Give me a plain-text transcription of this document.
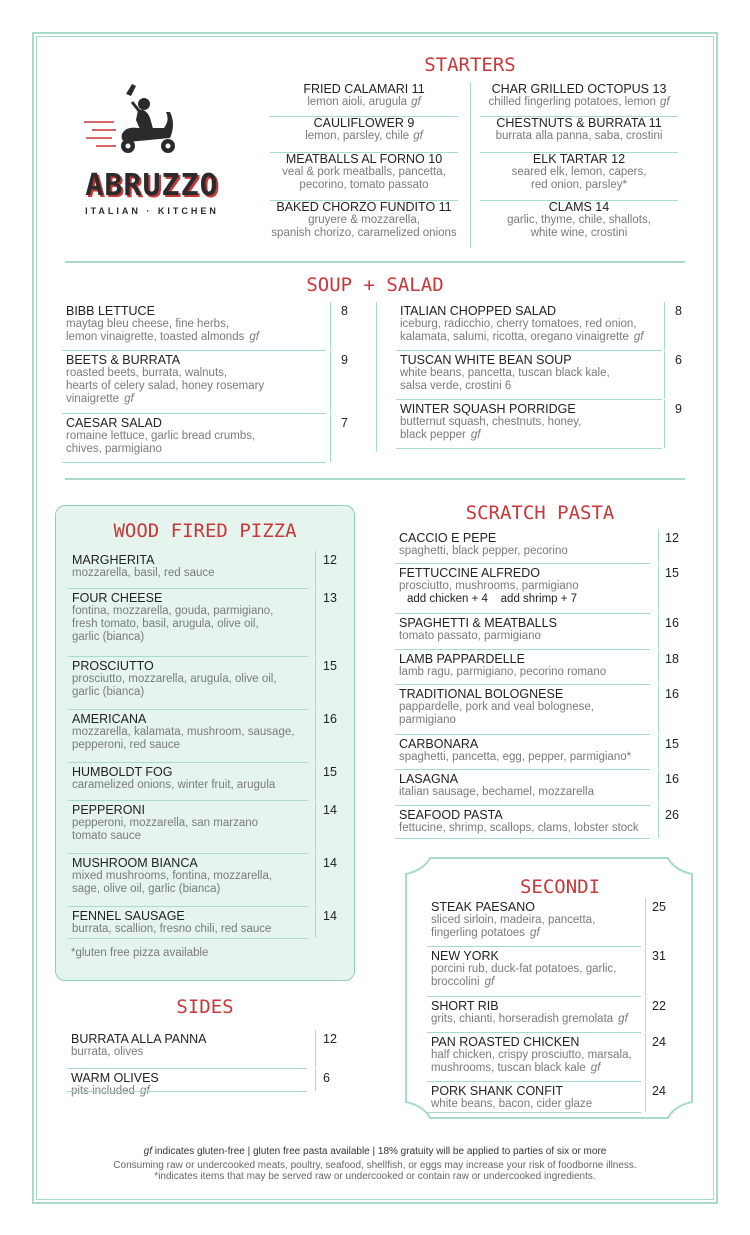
ABRUZZO
ITALIAN · KITCHEN
STARTERS
FRIED CALAMARI 11
lemon aioli, arugula gf
CAULIFLOWER 9
lemon, parsley, chile gf
MEATBALLS AL FORNO 10
veal & pork meatballs, pancetta,
pecorino, tomato passato
BAKED CHORZO FUNDITO 11
gruyere & mozzarella,
spanish chorizo, caramelized onions
CHAR GRILLED OCTOPUS 13
chilled fingerling potatoes, lemon gf
CHESTNUTS & BURRATA 11
burrata alla panna, saba, crostini
ELK TARTAR 12
seared elk, lemon, capers,
red onion, parsley*
CLAMS 14
garlic, thyme, chile, shallots,
white wine, crostini
SOUP + SALAD
BIBB LETTUCE
maytag bleu cheese, fine herbs,
lemon vinaigrette, toasted almonds gf
8
BEETS & BURRATA
roasted beets, burrata, walnuts,
hearts of celery salad, honey rosemary
vinaigrette gf
9
CAESAR SALAD
romaine lettuce, garlic bread crumbs,
chives, parmigiano
7
ITALIAN CHOPPED SALAD
iceburg, radicchio, cherry tomatoes, red onion,
kalamata, salumi, ricotta, oregano vinaigrette gf
8
TUSCAN WHITE BEAN SOUP
white beans, pancetta, tuscan black kale,
salsa verde, crostini 6
6
WINTER SQUASH PORRIDGE
butternut squash, chestnuts, honey,
black pepper gf
9
WOOD FIRED PIZZA
MARGHERITA
mozzarella, basil, red sauce
12
FOUR CHEESE
fontina, mozzarella, gouda, parmigiano,
fresh tomato, basil, arugula, olive oil,
garlic (bianca)
13
PROSCIUTTO
prosciutto, mozzarella, arugula, olive oil,
garlic (bianca)
15
AMERICANA
mozzarella, kalamata, mushroom, sausage,
pepperoni, red sauce
16
HUMBOLDT FOG
caramelized onions, winter fruit, arugula
15
PEPPERONI
pepperoni, mozzarella, san marzano
tomato sauce
14
MUSHROOM BIANCA
mixed mushrooms, fontina, mozzarella,
sage, olive oil, garlic (bianca)
14
FENNEL SAUSAGE
burrata, scallion, fresno chili, red sauce
14
*gluten free pizza available
SIDES
BURRATA ALLA PANNA
burrata, olives
12
WARM OLIVES
pits included gf
6
SCRATCH PASTA
CACCIO E PEPE
spaghetti, black pepper, pecorino
12
FETTUCCINE ALFREDO
prosciutto, mushrooms, parmigiano
add chicken + 4    add shrimp + 7
15
SPAGHETTI & MEATBALLS
tomato passato, parmigiano
16
LAMB PAPPARDELLE
lamb ragu, parmigiano, pecorino romano
18
TRADITIONAL BOLOGNESE
pappardelle, pork and veal bolognese,
parmigiano
16
CARBONARA
spaghetti, pancetta, egg, pepper, parmigiano*
15
LASAGNA
italian sausage, bechamel, mozzarella
16
SEAFOOD PASTA
fettucine, shrimp, scallops, clams, lobster stock
26
SECONDI
STEAK PAESANO
sliced sirloin, madeira, pancetta,
fingerling potatoes gf
25
NEW YORK
porcini rub, duck-fat potatoes, garlic,
broccolini gf
31
SHORT RIB
grits, chianti, horseradish gremolata gf
22
PAN ROASTED CHICKEN
half chicken, crispy prosciutto, marsala,
mushrooms, tuscan black kale gf
24
PORK SHANK CONFIT
white beans, bacon, cider glaze
24
gf indicates gluten-free | gluten free pasta available | 18% gratuity will be applied to parties of six or more
Consuming raw or undercooked meats, poultry, seafood, shellfish, or eggs may increase your risk of foodborne illness.
*indicates items that may be served raw or undercooked or contain raw or undercooked ingredients.
